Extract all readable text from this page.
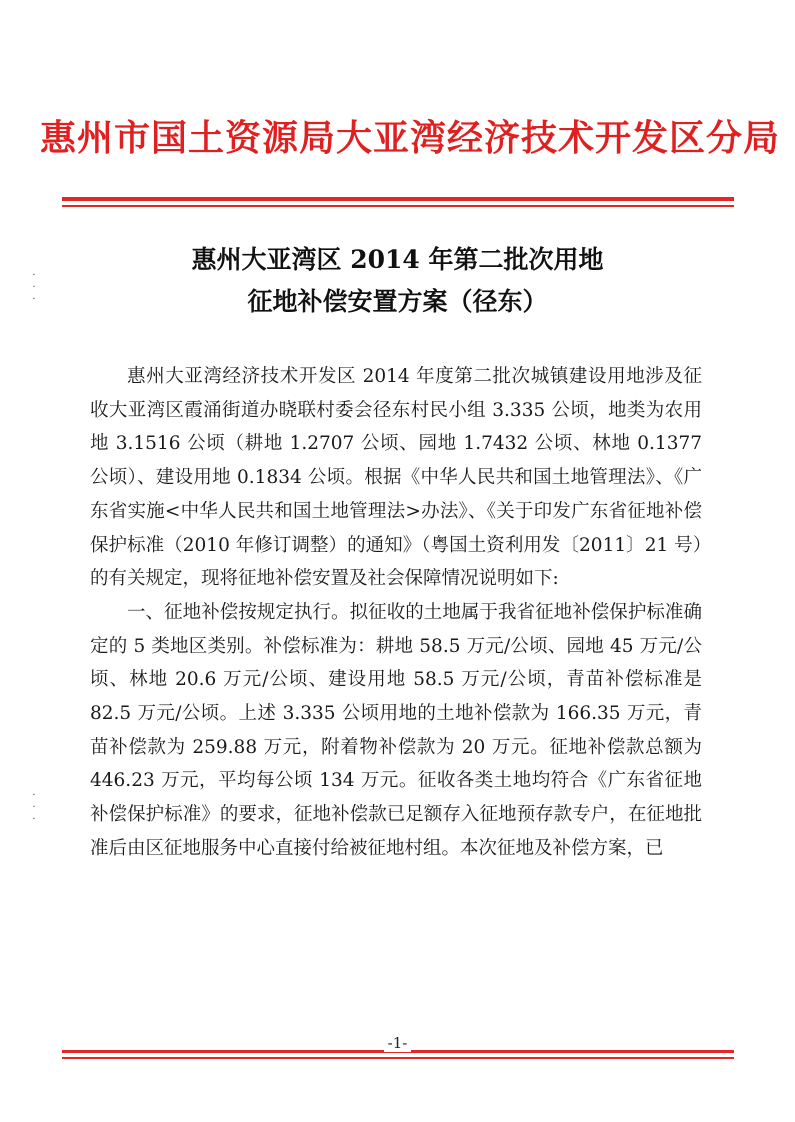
惠州市国土资源局大亚湾经济技术开发区分局
·
·
·
·
·
·
惠州大亚湾区 2014 年第二批次用地
征地补偿安置方案（径东）

惠州大亚湾经济技术开发区 2014 年度第二批次城镇建设用地涉及征收大亚湾区霞涌街道办晓联村委会径东村民小组 3.335 公顷，地类为农用地 3.1516 公顷（耕地 1.2707 公顷、园地 1.7432 公顷、林地 0.1377 公顷）、建设用地 0.1834 公顷。根据《中华人民共和国土地管理法》、《广东省实施<中华人民共和国土地管理法>办法》、《关于印发广东省征地补偿保护标准（2010 年修订调整）的通知》（粤国土资利用发〔2011〕21 号）的有关规定，现将征地补偿安置及社会保障情况说明如下:

一、征地补偿按规定执行。拟征收的土地属于我省征地补偿保护标准确定的 5 类地区类别。补偿标准为：耕地 58.5 万元/公顷、园地 45 万元/公顷、林地 20.6 万元/公顷、建设用地 58.5 万元/公顷，青苗补偿标准是 82.5 万元/公顷。上述 3.335 公顷用地的土地补偿款为 166.35 万元，青苗补偿款为 259.88 万元，附着物补偿款为 20 万元。征地补偿款总额为 446.23 万元，平均每公顷 134 万元。征收各类土地均符合《广东省征地补偿保护标准》的要求，征地补偿款已足额存入征地预存款专户，在征地批准后由区征地服务中心直接付给被征地村组。本次征地及补偿方案，已

-1-
